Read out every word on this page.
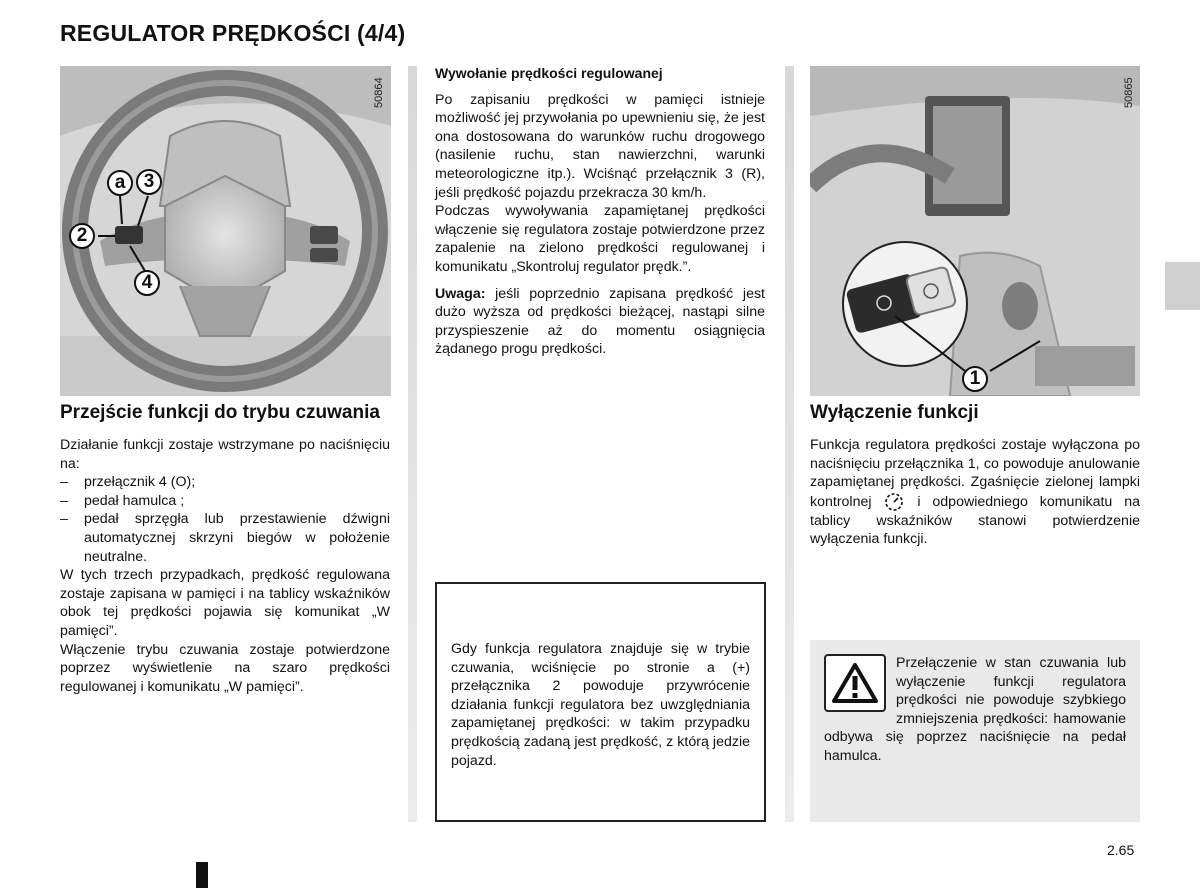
REGULATOR PRĘDKOŚCI (4/4)
50864
a 3
2
4
Przejście funkcji do trybu czuwania

Działanie funkcji zostaje wstrzymane po naciśnięciu na:

–	przełącznik 4 (O);
–	pedał hamulca ;
–	pedał sprzęgła lub przestawienie dźwigni automatycznej skrzyni biegów w położenie neutralne.

W tych trzech przypadkach, prędkość regulowana zostaje zapisana w pamięci i na tablicy wskaźników obok tej prędkości pojawia się komunikat „W pamięci”.

Włączenie trybu czuwania zostaje potwierdzone poprzez wyświetlenie na szaro prędkości regulowanej i komunikatu „W pamięci”.

Wywołanie prędkości regulowanej

Po zapisaniu prędkości w pamięci istnieje możliwość jej przywołania po upewnieniu się, że jest ona dostosowana do warunków ruchu drogowego (nasilenie ruchu, stan nawierzchni, warunki meteorologiczne itp.). Wciśnąć przełącznik 3 (R), jeśli prędkość pojazdu przekracza 30 km/h.

Podczas wywoływania zapamiętanej prędkości włączenie się regulatora zostaje potwierdzone przez zapalenie na zielono prędkości regulowanej i komunikatu „Skontroluj regulator prędk.”.

Uwaga: jeśli poprzednio zapisana prędkość jest dużo wyższa od prędkości bieżącej, nastąpi silne przyspieszenie aż do momentu osiągnięcia żądanego progu prędkości.

Gdy funkcja regulatora znajduje się w trybie czuwania, wciśnięcie po stronie a (+) przełącznika 2 powoduje przywrócenie działania funkcji regulatora bez uwzględniania zapamiętanej prędkości: w takim przypadku prędkością zadaną jest prędkość, z którą jedzie pojazd.

50865
1
Wyłączenie funkcji

Funkcja regulatora prędkości zostaje wyłączona po naciśnięciu przełącznika 1, co powoduje anulowanie zapamiętanej prędkości. Zgaśnięcie zielonej lampki kontrolnej	i odpowiedniego komunikatu na tablicy wskaźników stanowi potwierdzenie wyłączenia funkcji.

Przełączenie w stan czuwania lub wyłączenie funkcji regulatora prędkości nie powoduje szybkiego zmniejszenia prędkości: hamowanie odbywa się poprzez naciśnięcie na pedał hamulca.

2.65
